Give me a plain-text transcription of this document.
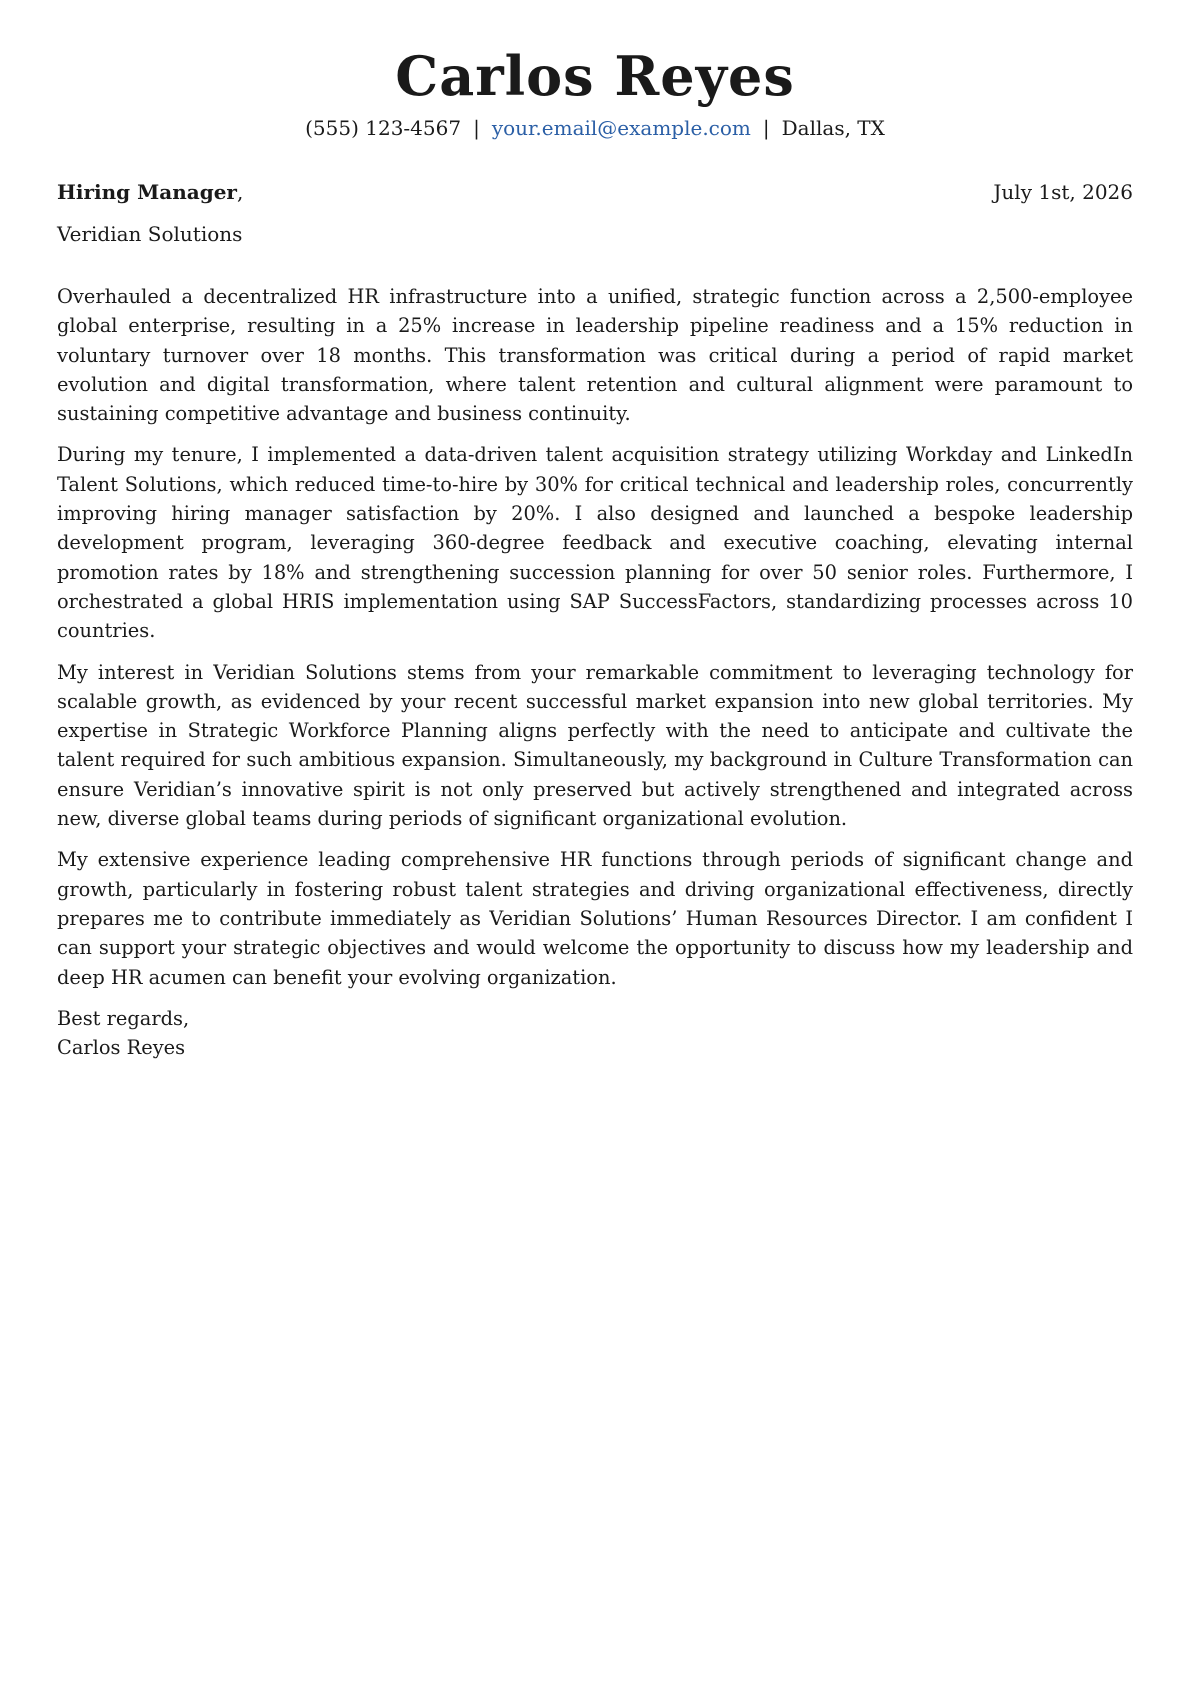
Carlos Reyes
(555) 123-4567 | your.email@example.com | Dallas, TX
Hiring Manager,	July 1st, 2026
Veridian Solutions

Overhauled a decentralized HR infrastructure into a unified, strategic function across a 2,500-employee global enterprise, resulting in a 25% increase in leadership pipeline readiness and a 15% reduction in voluntary turnover over 18 months. This transformation was critical during a period of rapid market evolution and digital transformation, where talent retention and cultural alignment were paramount to sustaining competitive advantage and business continuity.

During my tenure, I implemented a data-driven talent acquisition strategy utilizing Workday and LinkedIn Talent Solutions, which reduced time-to-hire by 30% for critical technical and leadership roles, concurrently improving hiring manager satisfaction by 20%. I also designed and launched a bespoke leadership development program, leveraging 360-degree feedback and executive coaching, elevating internal promotion rates by 18% and strengthening succession planning for over 50 senior roles. Furthermore, I orchestrated a global HRIS implementation using SAP SuccessFactors, standardizing processes across 10 countries.

My interest in Veridian Solutions stems from your remarkable commitment to leveraging technology for scalable growth, as evidenced by your recent successful market expansion into new global territories. My expertise in Strategic Workforce Planning aligns perfectly with the need to anticipate and cultivate the talent required for such ambitious expansion. Simultaneously, my background in Culture Transformation can ensure Veridian’s innovative spirit is not only preserved but actively strengthened and integrated across new, diverse global teams during periods of significant organizational evolution.

My extensive experience leading comprehensive HR functions through periods of significant change and growth, particularly in fostering robust talent strategies and driving organizational effectiveness, directly prepares me to contribute immediately as Veridian Solutions’ Human Resources Director. I am confident I can support your strategic objectives and would welcome the opportunity to discuss how my leadership and deep HR acumen can benefit your evolving organization.

Best regards,
Carlos Reyes
